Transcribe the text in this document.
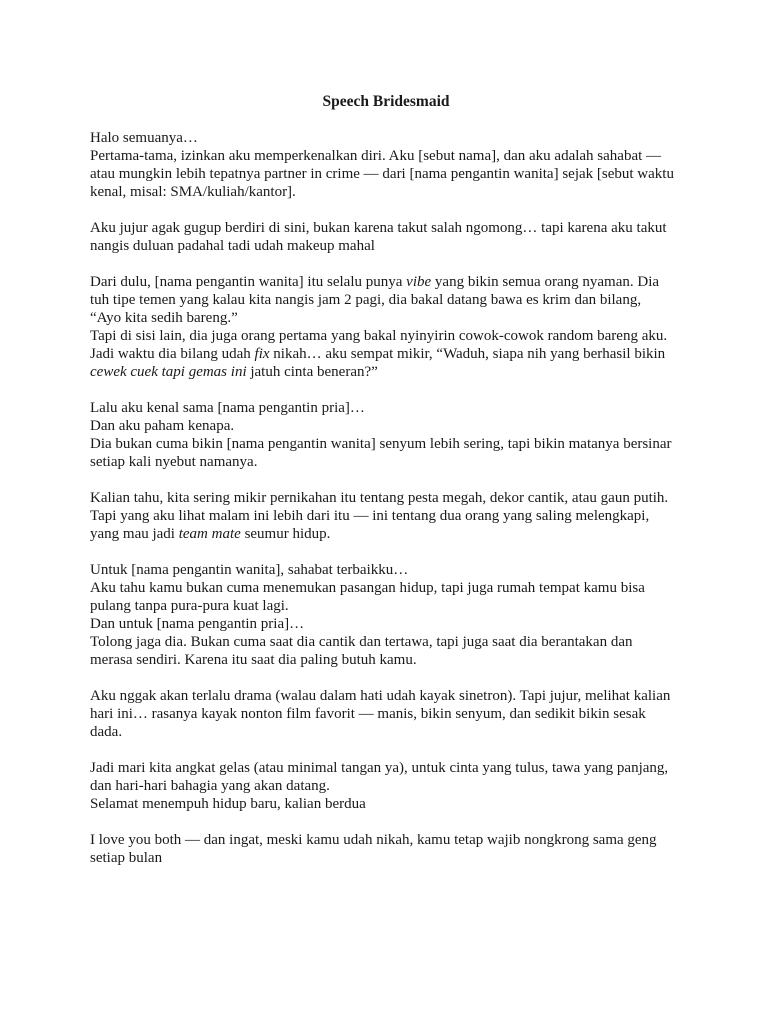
Speech Bridesmaid
Halo semuanya…
Pertama-tama, izinkan aku memperkenalkan diri. Aku [sebut nama], dan aku adalah sahabat —
atau mungkin lebih tepatnya partner in crime — dari [nama pengantin wanita] sejak [sebut waktu
kenal, misal: SMA/kuliah/kantor].
Aku jujur agak gugup berdiri di sini, bukan karena takut salah ngomong… tapi karena aku takut
nangis duluan padahal tadi udah makeup mahal
Dari dulu, [nama pengantin wanita] itu selalu punya vibe yang bikin semua orang nyaman. Dia
tuh tipe temen yang kalau kita nangis jam 2 pagi, dia bakal datang bawa es krim dan bilang,
“Ayo kita sedih bareng.”
Tapi di sisi lain, dia juga orang pertama yang bakal nyinyirin cowok-cowok random bareng aku.
Jadi waktu dia bilang udah fix nikah… aku sempat mikir, “Waduh, siapa nih yang berhasil bikin
cewek cuek tapi gemas ini jatuh cinta beneran?”
Lalu aku kenal sama [nama pengantin pria]…
Dan aku paham kenapa.
Dia bukan cuma bikin [nama pengantin wanita] senyum lebih sering, tapi bikin matanya bersinar
setiap kali nyebut namanya.
Kalian tahu, kita sering mikir pernikahan itu tentang pesta megah, dekor cantik, atau gaun putih.
Tapi yang aku lihat malam ini lebih dari itu — ini tentang dua orang yang saling melengkapi,
yang mau jadi team mate seumur hidup.
Untuk [nama pengantin wanita], sahabat terbaikku…
Aku tahu kamu bukan cuma menemukan pasangan hidup, tapi juga rumah tempat kamu bisa
pulang tanpa pura-pura kuat lagi.
Dan untuk [nama pengantin pria]…
Tolong jaga dia. Bukan cuma saat dia cantik dan tertawa, tapi juga saat dia berantakan dan
merasa sendiri. Karena itu saat dia paling butuh kamu.
Aku nggak akan terlalu drama (walau dalam hati udah kayak sinetron). Tapi jujur, melihat kalian
hari ini… rasanya kayak nonton film favorit — manis, bikin senyum, dan sedikit bikin sesak
dada.
Jadi mari kita angkat gelas (atau minimal tangan ya), untuk cinta yang tulus, tawa yang panjang,
dan hari-hari bahagia yang akan datang.
Selamat menempuh hidup baru, kalian berdua
I love you both — dan ingat, meski kamu udah nikah, kamu tetap wajib nongkrong sama geng
setiap bulan
